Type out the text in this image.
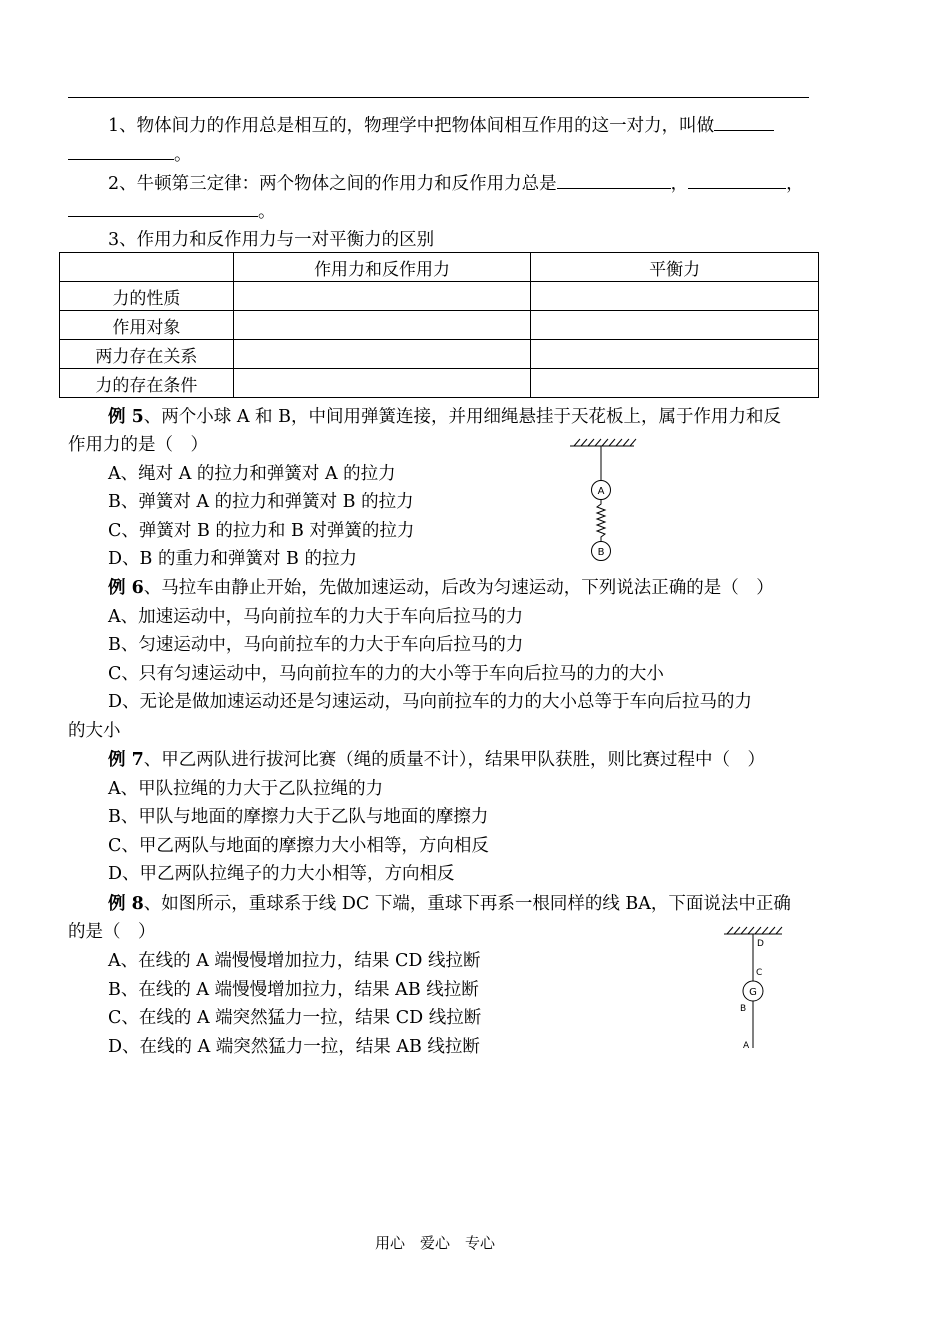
1、物体间力的作用总是相互的，物理学中把物体间相互作用的这一对力，叫做
。
2、牛顿第三定律：两个物体之间的作用力和反作用力总是	，	，
。
3、作用力和反作用力与一对平衡力的区别
	作用力和反作用力	平衡力
力的性质		
作用对象		
两力存在关系		
力的存在条件		
例 5、两个小球 A 和 B，中间用弹簧连接，并用细绳悬挂于天花板上，属于作用力和反
作用力的是（　）
A、绳对 A 的拉力和弹簧对 A 的拉力
B、弹簧对 A 的拉力和弹簧对 B 的拉力
C、弹簧对 B 的拉力和 B 对弹簧的拉力
D、B 的重力和弹簧对 B 的拉力
A
B
例 6、马拉车由静止开始，先做加速运动，后改为匀速运动，下列说法正确的是（　）
A、加速运动中，马向前拉车的力大于车向后拉马的力
B、匀速运动中，马向前拉车的力大于车向后拉马的力
C、只有匀速运动中，马向前拉车的力的大小等于车向后拉马的力的大小
D、无论是做加速运动还是匀速运动，马向前拉车的力的大小总等于车向后拉马的力
的大小
例 7、甲乙两队进行拔河比赛（绳的质量不计），结果甲队获胜，则比赛过程中（　）
A、甲队拉绳的力大于乙队拉绳的力
B、甲队与地面的摩擦力大于乙队与地面的摩擦力
C、甲乙两队与地面的摩擦力大小相等，方向相反
D、甲乙两队拉绳子的力大小相等，方向相反
例 8、如图所示，重球系于线 DC 下端，重球下再系一根同样的线 BA，下面说法中正确
的是（　）
A、在线的 A 端慢慢增加拉力，结果 CD 线拉断
B、在线的 A 端慢慢增加拉力，结果 AB 线拉断
C、在线的 A 端突然猛力一拉，结果 CD 线拉断
D、在线的 A 端突然猛力一拉，结果 AB 线拉断
G
D
C
B
A
用心　爱心　专心
